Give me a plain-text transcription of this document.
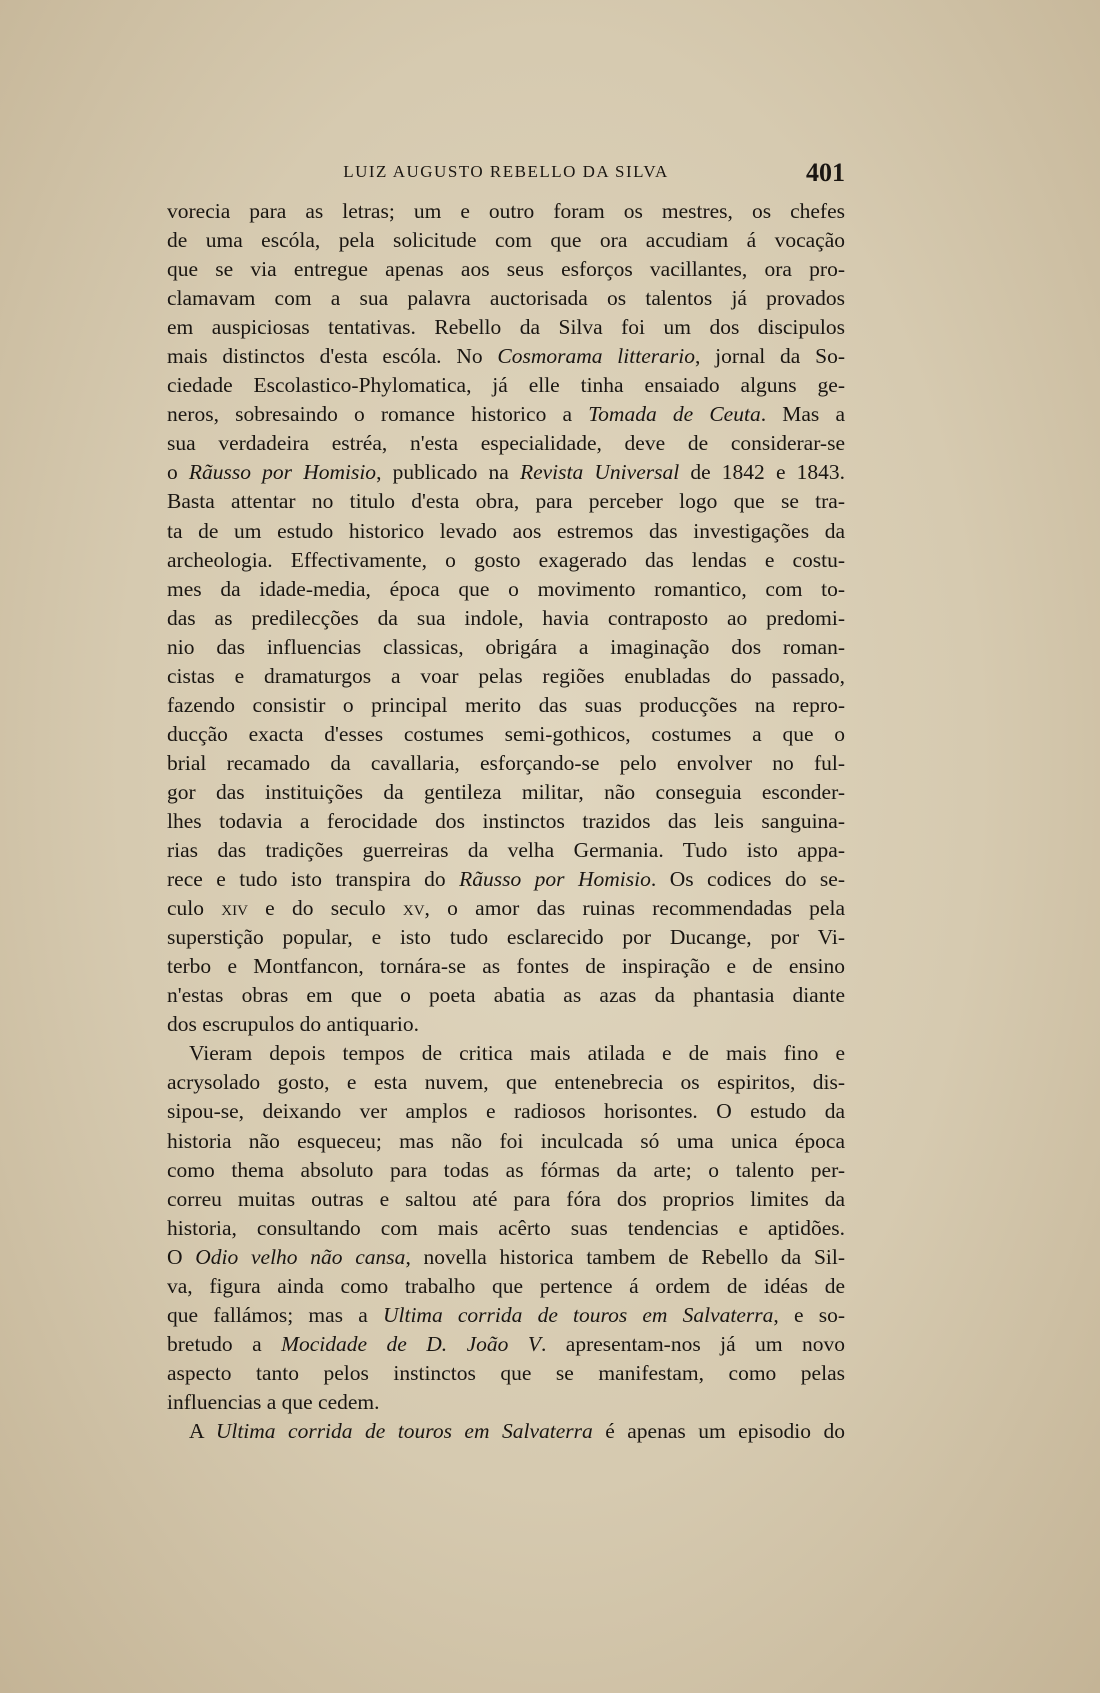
LUIZ AUGUSTO REBELLO DA SILVA	401
vorecia para as letras; um e outro foram os mestres, os chefes
de uma escóla, pela solicitude com que ora accudiam á vocação
que se via entregue apenas aos seus esforços vacillantes, ora pro-
clamavam com a sua palavra auctorisada os talentos já provados
em auspiciosas tentativas. Rebello da Silva foi um dos discipulos
mais distinctos d'esta escóla. No Cosmorama litterario, jornal da So-
ciedade Escolastico-Phylomatica, já elle tinha ensaiado alguns ge-
neros, sobresaindo o romance historico a Tomada de Ceuta. Mas a
sua verdadeira estréa, n'esta especialidade, deve de considerar-se
o Rãusso por Homisio, publicado na Revista Universal de 1842 e 1843.
Basta attentar no titulo d'esta obra, para perceber logo que se tra-
ta de um estudo historico levado aos estremos das investigações da
archeologia. Effectivamente, o gosto exagerado das lendas e costu-
mes da idade-media, época que o movimento romantico, com to-
das as predilecções da sua indole, havia contraposto ao predomi-
nio das influencias classicas, obrigára a imaginação dos roman-
cistas e dramaturgos a voar pelas regiões enubladas do passado,
fazendo consistir o principal merito das suas producções na repro-
ducção exacta d'esses costumes semi-gothicos, costumes a que o
brial recamado da cavallaria, esforçando-se pelo envolver no ful-
gor das instituições da gentileza militar, não conseguia esconder-
lhes todavia a ferocidade dos instinctos trazidos das leis sanguina-
rias das tradições guerreiras da velha Germania. Tudo isto appa-
rece e tudo isto transpira do Rãusso por Homisio. Os codices do se-
culo xiv e do seculo xv, o amor das ruinas recommendadas pela
superstição popular, e isto tudo esclarecido por Ducange, por Vi-
terbo e Montfancon, tornára-se as fontes de inspiração e de ensino
n'estas obras em que o poeta abatia as azas da phantasia diante
dos escrupulos do antiquario.
Vieram depois tempos de critica mais atilada e de mais fino e
acrysolado gosto, e esta nuvem, que entenebrecia os espiritos, dis-
sipou-se, deixando ver amplos e radiosos horisontes. O estudo da
historia não esqueceu; mas não foi inculcada só uma unica época
como thema absoluto para todas as fórmas da arte; o talento per-
correu muitas outras e saltou até para fóra dos proprios limites da
historia, consultando com mais acêrto suas tendencias e aptidões.
O Odio velho não cansa, novella historica tambem de Rebello da Sil-
va, figura ainda como trabalho que pertence á ordem de idéas de
que fallámos; mas a Ultima corrida de touros em Salvaterra, e so-
bretudo a Mocidade de D. João V. apresentam-nos já um novo
aspecto tanto pelos instinctos que se manifestam, como pelas
influencias a que cedem.
A Ultima corrida de touros em Salvaterra é apenas um episodio do
